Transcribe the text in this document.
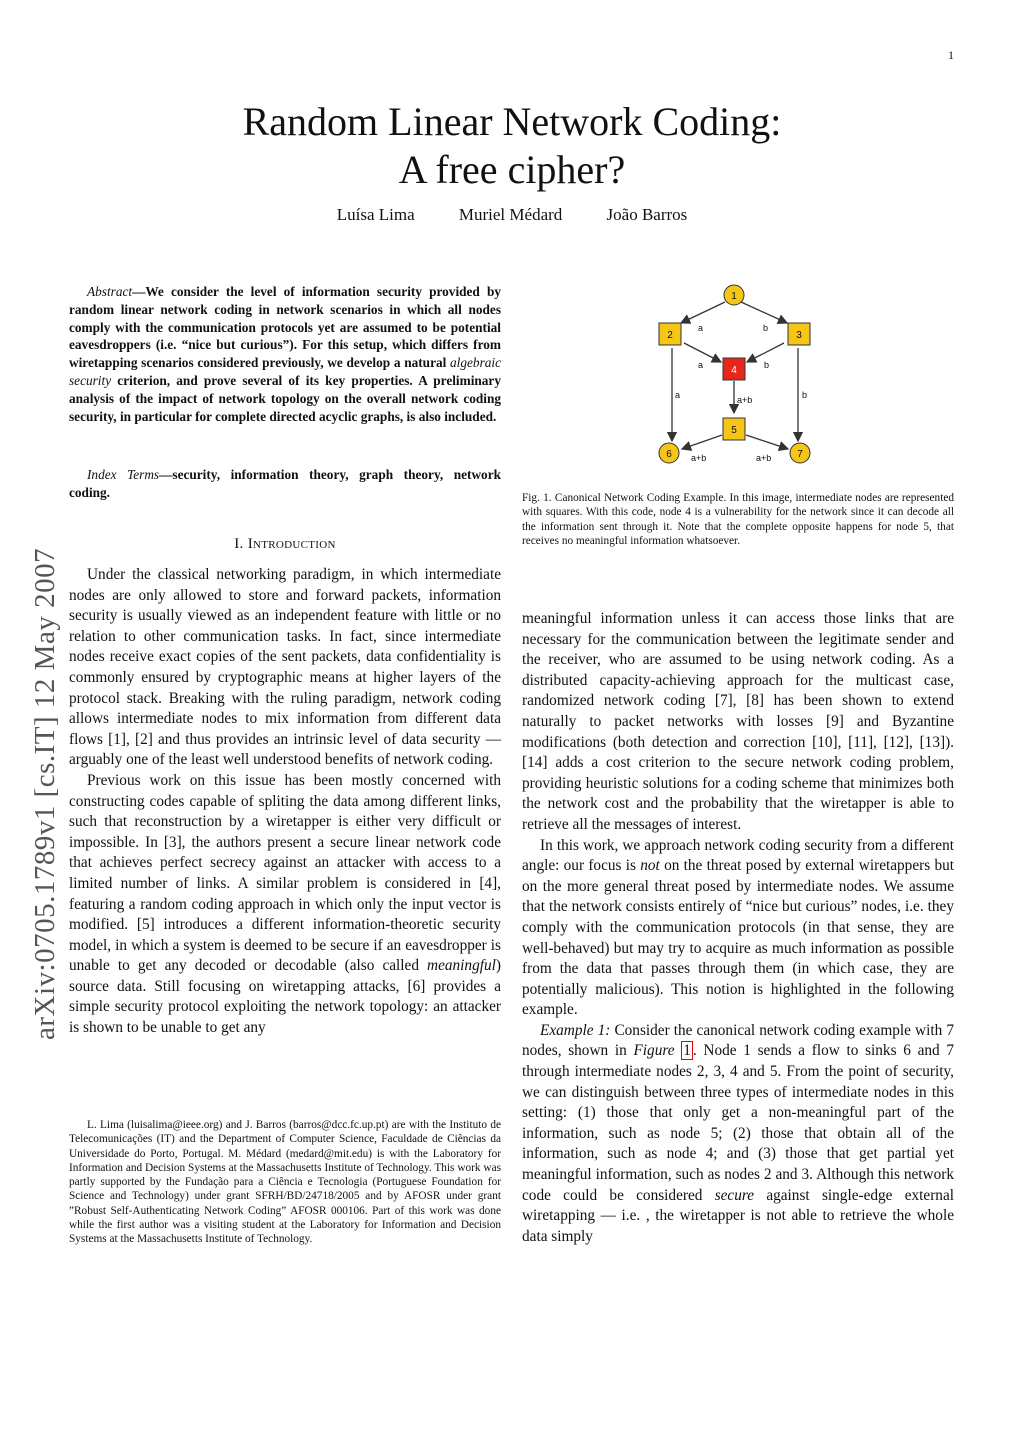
1
Random Linear Network Coding:
A free cipher?
Luísa Lima	Muriel Médard	João Barros
arXiv:0705.1789v1 [cs.IT] 12 May 2007

Abstract—We consider the level of information security provided by random linear network coding in network scenarios in which all nodes comply with the communication protocols yet are assumed to be potential eavesdroppers (i.e. “nice but curious”). For this setup, which differs from wiretapping scenarios considered previously, we develop a natural algebraic security criterion, and prove several of its key properties. A preliminary analysis of the impact of network topology on the overall network coding security, in particular for complete directed acyclic graphs, is also included.

Index Terms—security, information theory, graph theory, network coding.

I. Introduction

Under the classical networking paradigm, in which intermediate nodes are only allowed to store and forward packets, information security is usually viewed as an independent feature with little or no relation to other communication tasks. In fact, since intermediate nodes receive exact copies of the sent packets, data confidentiality is commonly ensured by cryptographic means at higher layers of the protocol stack. Breaking with the ruling paradigm, network coding allows intermediate nodes to mix information from different data flows [1], [2] and thus provides an intrinsic level of data security — arguably one of the least well understood benefits of network coding.

Previous work on this issue has been mostly concerned with constructing codes capable of spliting the data among different links, such that reconstruction by a wiretapper is either very difficult or impossible. In [3], the authors present a secure linear network code that achieves perfect secrecy against an attacker with access to a limited number of links. A similar problem is considered in [4], featuring a random coding approach in which only the input vector is modified. [5] introduces a different information-theoretic security model, in which a system is deemed to be secure if an eavesdropper is unable to get any decoded or decodable (also called meaningful) source data. Still focusing on wiretapping attacks, [6] provides a simple security protocol exploiting the network topology: an attacker is shown to be unable to get any

L. Lima (luisalima@ieee.org) and J. Barros (barros@dcc.fc.up.pt) are with the Instituto de Telecomunicações (IT) and the Department of Computer Science, Faculdade de Ciências da Universidade do Porto, Portugal. M. Médard (medard@mit.edu) is with the Laboratory for Information and Decision Systems at the Massachusetts Institute of Technology. This work was partly supported by the Fundação para a Ciência e Tecnologia (Portuguese Foundation for Science and Technology) under grant SFRH/BD/24718/2005 and by AFOSR under grant ”Robust Self-Authenticating Network Coding” AFOSR 000106. Part of this work was done while the first author was a visiting student at the Laboratory for Information and Decision Systems at the Massachusetts Institute of Technology.

1
2	3
4
5
6	7
a	b
a	b
a	b
a+b
a+b	a+b
Fig. 1. Canonical Network Coding Example. In this image, intermediate nodes are represented with squares. With this code, node 4 is a vulnerability for the network since it can decode all the information sent through it. Note that the complete opposite happens for node 5, that receives no meaningful information whatsoever.

meaningful information unless it can access those links that are necessary for the communication between the legitimate sender and the receiver, who are assumed to be using network coding. As a distributed capacity-achieving approach for the multicast case, randomized network coding [7], [8] has been shown to extend naturally to packet networks with losses [9] and Byzantine modifications (both detection and correction [10], [11], [12], [13]). [14] adds a cost criterion to the secure network coding problem, providing heuristic solutions for a coding scheme that minimizes both the network cost and the probability that the wiretapper is able to retrieve all the messages of interest.

In this work, we approach network coding security from a different angle: our focus is not on the threat posed by external wiretappers but on the more general threat posed by intermediate nodes. We assume that the network consists entirely of “nice but curious” nodes, i.e. they comply with the communication protocols (in that sense, they are well-behaved) but may try to acquire as much information as possible from the data that passes through them (in which case, they are potentially malicious). This notion is highlighted in the following example.

Example 1: Consider the canonical network coding example with 7 nodes, shown in Figure 1 . Node 1 sends a flow to sinks 6 and 7 through intermediate nodes 2, 3, 4 and 5. From the point of security, we can distinguish between three types of intermediate nodes in this setting: (1) those that only get a non-meaningful part of the information, such as node 5; (2) those that obtain all of the information, such as node 4; and (3) those that get partial yet meaningful information, such as nodes 2 and 3. Although this network code could be considered secure against single-edge external wiretapping — i.e. , the wiretapper is not able to retrieve the whole data simply
